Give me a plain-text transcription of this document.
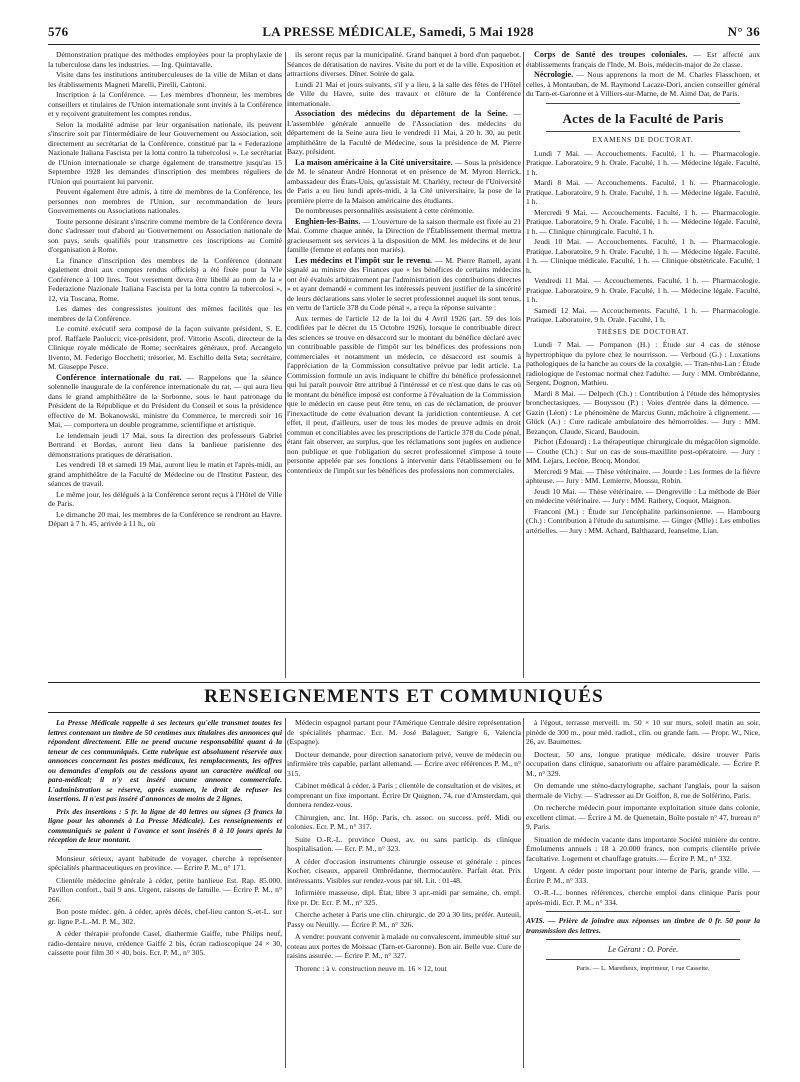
576	LA PRESSE MÉDICALE, Samedi, 5 Mai 1928	N° 36

Démonstration pratique des méthodes employées pour la prophylaxie de la tuberculose dans les industries. — Ing. Quintavalle.

Visite dans les institutions antituberculeuses de la ville de Milan et dans les établissements Magneti Marelli, Pirelli, Cantoni.

Inscription à la Conférence. — Les membres d'honneur, les membres conseillers et titulaires de l'Union internationale sont invités à la Conférence et y reçoivent gratuitement les comptes rendus.

Selon la modalité admise par leur organisation nationale, ils peuvent s'inscrire soit par l'intermédiaire de leur Gouvernement ou Association, soit directement au secrétariat de la Conférence, constitué par la « Federazione Nazionale Italiana Fascista per la lotta contro la tubercolosi ». Le secrétariat de l'Union internationale se charge également de transmettre jusqu'au 15 Septembre 1928 les demandes d'inscription des membres réguliers de l'Union qui pourraient lui parvenir.

Peuvent également être admis, à titre de membres de la Conférence, les personnes non membres de l'Union, sur recommandation de leurs Gouvernements ou Associations nationales.

Toute personne désirant s'inscrire comme membre de la Conférence devra donc s'adresser tout d'abord au Gouvernement ou Association nationale de son pays, seuls qualifiés pour transmettre ces inscriptions au Comité d'organisation à Rome.

La finance d'inscription des membres de la Conférence (donnant également droit aux comptes rendus officiels) a été fixée pour la VIe Conférence à 100 lires. Tout versement devra être libellé au nom de la « Federazione Nazionale Italiana Fascista per la lotta contro la tubercolosi », 12, via Toscana, Rome.

Les dames des congressistes jouiront des mêmes facilités que les membres de la Conférence.

Le comité exécutif sera composé de la façon suivante président, S. E. prof. Raffaele Paolucci; vice-président, prof. Vittorio Ascoli, directeur de la Clinique royale médicale de Rome; secrétaires généraux, prof. Arcangelo Ilvento, M. Federigo Bocchetti; trésorier, M. Eschillo della Seta; secrétaire, M. Giuseppe Pesce.

Conférence internationale du rat. — Rappelons que la séance solennelle inaugurale de la conférence internationale du rat, — qui aura lieu dans le grand amphithéâtre de la Sorbonne, sous le haut patronage du Président de la République et du Président du Conseil et sous la présidence effective de M. Bokanowski, ministre du Commerce, le mercredi soir 16 Mai, — comportera un double programme, scientifique et artistique.

Le lendemain jeudi 17 Mai, sous la direction des professeurs Gabriel Bertrand et Bordas, auront lieu dans la banlieue parisienne des démonstrations pratiques de dératisation.

Les vendredi 18 et samedi 19 Mai, auront lieu le matin et l'après-midi, au grand amphithéâtre de la Faculté de Médecine ou de l'Institut Pasteur, des séances de travail.

Le même jour, les délégués à la Conférence seront reçus à l'Hôtel de Ville de Paris.

Le dimanche 20 mai, les membres de la Conférence se rendront au Havre. Départ à 7 h. 45, arrivée à 11 h., où

ils seront reçus par la municipalité. Grand banquet à bord d'un paquebot. Séances de dératisation de navires. Visite du port et de la ville. Exposition et attractions diverses. Dîner. Soirée de gala.

Lundi 21 Mai et jours suivants, s'il y a lieu, à la salle des fêtes de l'Hôtel de Ville du Havre, suite des travaux et clôture de la Conférence internationale.

Association des médecins du département de la Seine. — L'assemblée générale annuelle de l'Association des médecins du département de la Seine aura lieu le vendredi 11 Mai, à 20 h. 30, au petit amphithéâtre de la Faculté de Médecine, sous la présidence de M. Pierre Bazy, président.

La maison américaine à la Cité universitaire. — Sous la présidence de M. le sénateur André Honnorat et en présence de M. Myron Herrick, ambassadeur des États-Unis, qu'assistait M. Charléty, recteur de l'Université de Paris a eu lieu lundi après-midi, à la Cité universitaire, la pose de la première pierre de la Maison américaine des étudiants.

De nombreuses personnalités assistaient à cette cérémonie.

Enghien-les-Bains. — L'ouverture de la saison thermale est fixée au 21 Mai. Comme chaque année, la Direction de l'Établissement thermal mettra gracieusement ses services à la disposition de MM. les médecins et de leur famille (femme et enfants non mariés).

Les médecins et l'impôt sur le revenu. — M. Pierre Ramell, ayant signalé au ministre des Finances que « les bénéfices de certains médecins ont été évalués arbitrairement par l'administration des contributions directes » et ayant demandé « comment les intéressés peuvent justifier de la sincérité de leurs déclarations sans violer le secret professionnel auquel ils sont tenus, en vertu de l'article 378 du Code pénal », a reçu la réponse suivante :

Aux termes de l'article 12 de la loi du 4 Avril 1926 (art. 59 des lois codifiées par le décret du 15 Octobre 1926), lorsque le contribuable direct des sciences se trouve en désaccord sur le montant du bénéfice déclaré avec un contribuable passible de l'impôt sur les bénéfices des professions non commerciales et notamment un médecin, ce désaccord est soumis à l'appréciation de la Commission consultative prévue par ledit article. La Commission formule un avis indiquant le chiffre du bénéfice professionnel qui lui paraît pouvoir être attribué à l'intéressé et ce n'est que dans le cas où le montant du bénéfice imposé est conforme à l'évaluation de la Commission que le médecin en cause peut être tenu, en cas de réclamation, de prouver l'inexactitude de cette évaluation devant la juridiction contentieuse. A cet effet, il peut, d'ailleurs, user de tous les modes de preuve admis en droit commun et conciliables avec les prescriptions de l'article 378 du Code pénal, étant fait observer, au surplus, que les réclamations sont jugées en audience non publique et que l'obligation du secret professionnel s'impose à toute personne appelée par ses fonctions à intervenir dans l'établissement ou le contentieux de l'impôt sur les bénéfices des professions non commerciales.

Corps de Santé des troupes coloniales. — Est affecté aux établissements français de l'Inde, M. Bois, médecin-major de 2e classe.

Nécrologie. — Nous apprenons la mort de M. Charles Flasschoen, et celles, à Montauban, de M. Raymond Lacaze-Dori, ancien conseiller général du Tarn-et-Garonne et à Villiers-sur-Marne, de M. Aimé Dat, de Paris.

Actes de la Faculté de Paris
EXAMENS DE DOCTORAT.

Lundi 7 Mai. — Accouchements. Faculté, 1 h. — Pharmacologie. Pratique. Laboratoire, 9 h. Orale. Faculté, 1 h. — Médecine légale. Faculté, 1 h.

Mardi 8 Mai. — Accouchements. Faculté, 1 h. — Pharmacologie. Pratique. Laboratoire, 9 h. Orale. Faculté, 1 h. — Médecine légale. Faculté, 1 h.

Mercredi 9 Mai. — Accouchements. Faculté, 1 h. — Pharmacologie. Pratique. Laboratoire, 9 h. Orale. Faculté, 1 h. — Médecine légale. Faculté, 1 h. — Clinique chirurgicale. Faculté, 1 h.

Jeudi 10 Mai. — Accouchements. Faculté, 1 h. — Pharmacologie. Pratique. Laboratoire, 9 h. Orale. Faculté, 1 h. — Médecine légale. Faculté, 1 h. — Clinique médicale. Faculté, 1 h. — Clinique obstétricale. Faculté, 1 h.

Vendredi 11 Mai. — Accouchements. Faculté, 1 h. — Pharmacologie. Pratique. Laboratoire, 9 h. Orale. Faculté, 1 h. — Médecine légale. Faculté, 1 h.

Samedi 12 Mai. — Accouchements. Faculté, 1 h. — Pharmacologie. Pratique. Laboratoire, 9 h. Orale. Faculté, 1 h.

THÈSES DE DOCTORAT.

Lundi 7 Mai. — Pompanon (H.) : Étude sur 4 cas de sténose hypertrophique du pylore chez le nourrisson. — Verboud (G.) : Luxations pathologiques de la hanche au cours de la coxalgie. — Tran-nhu-Lan : Étude radiologique de l'estomac normal chez l'adulte. — Jury : MM. Ombrédanne, Sergent, Dognon, Mathieu.

Mardi 8 Mai. — Delpech (Ch.) : Contribution à l'étude des hémoptysies bronchectasiques. — Bouyssou (P.) : Voies d'entrée dans la démence. — Gazin (Léon) : Le phénomène de Marcus Gunn, mâchoire à clignement. — Glück (A.) : Cure radicale ambulatoire des hémorroïdes. — Jury : MM. Bezançon, Claude, Sicard, Baudouin.

Pichot (Édouard) : La thérapeutique chirurgicale du mégacôlon sigmoïde. — Couthe (Ch.) : Sur un cas de sous-maxillite post-opératoire. — Jury : MM. Lejars, Lecène, Brocq, Mondor.

Mercredi 9 Mai. — Thèse vétérinaire. — Jourde : Les formes de la fièvre aphteuse. — Jury : MM. Lemierre, Moussu, Robin.

Jeudi 10 Mai. — Thèse vétérinaire. — Dengreville : La méthode de Bier en médecine vétérinaire. — Jury : MM. Rathery, Coquot, Maignon.

Franconi (M.) : Étude sur l'encéphalite parkinsonienne. — Hambourg (Ch.) : Contribution à l'étude du saturnisme. — Ginger (Mlle) : Les embolies artérielles. — Jury : MM. Achard, Balthazard, Jeanselme, Lian.

RENSEIGNEMENTS ET COMMUNIQUÉS

La Presse Médicale rappelle à ses lecteurs qu'elle transmet toutes les lettres contenant un timbre de 50 centimes aux titulaires des annonces qui répondent directement. Elle ne prend aucune responsabilité quant à la teneur de ces communiqués. Cette rubrique est absolument réservée aux annonces concernant les postes médicaux, les remplacements, les offres ou demandes d'emplois ou de cessions ayant un caractère médical ou para-médical; il n'y est inséré aucune annonce commerciale. L'administration se réserve, après examen, le droit de refuser les insertions. Il n'est pas inséré d'annonces de moins de 2 lignes.

Prix des insertions : 5 fr. la ligne de 40 lettres ou signes (3 francs la ligne pour les abonnés à La Presse Médicale). Les renseignements et communiqués se paient à l'avance et sont insérés 8 à 10 jours après la réception de leur montant.

Monsieur sérieux, ayant habitude de voyager, cherche à représenter spécialités pharmaceutiques en province. — Écrire P. M., n° 171.

Clientèle médecine générale à céder, petite banlieue Est. Rap. 85.000. Pavillon confort., bail 9 ans. Urgent, raisons de famille. — Écrire P. M., n° 266.

Bon poste médec. gén. à céder, après décès, chef-lieu canton S.-et-L. sur gr. ligne P.-L.-M. P. M., 302.

A céder thérapie profonde Casel, diathermie Gaiffe, tube Philips neuf, radio-dentaire neuve, crédence Gaiffe 2 bis, écran radioscopique 24 × 30, caissette pour film 30 × 40, bois. Ecr. P. M., n° 305.

Médecin espagnol partant pour l'Amérique Centrale désire représentation de spécialités pharmac. Ecr. M. José Balaguer, Sangre 6, Valencia (Espagne).

Docteur demande, pour direction sanatorium privé, veuve de médecin ou infirmière très capable, parlant allemand. — Écrire avec références P. M., n° 315.

Cabinet médical à céder, à Paris ; clientèle de consultation et de visites, et comprenant un fixe important. Écrire Dr Quignon, 74, rue d'Amsterdam, qui donnera rendez-vous.

Chirurgien, anc. Int. Hôp. Paris, ch. assoc. ou success. préf. Midi ou colonies. Ecr. P. M., n° 317.

Suite O.-R.-L. province Ouest, av. ou sans particip. ds clinique hospitalisation. — Ecr. P. M., n° 323.

A céder d'occasion instruments chirurgie osseuse et générale : pinces Kocher, ciseaux, appareil Ombrédanne, thermocautère. Parfait état. Prix intéressants. Visibles sur rendez-vous par tél. Lit. : 01-48.

Infirmière masseuse, dipl. État, libre 3 apr.-midi par semaine, ch. empl. fixe pr. Dr. Ecr. P. M., n° 325.

Cherche acheter à Paris une clin. chirurgic. de 20 à 30 lits, préfér. Auteuil, Passy ou Neuilly. — Écrire P. M., n° 326.

A vendre: pouvant convenir à malade ou convalescent, immeuble situé sur coteau aux portes de Moissac (Tarn-et-Garonne). Bon air. Belle vue. Cure de raisins assurée. — Écrire P. M., n° 327.

Thorenc : à v. construction neuve m. 16 × 12, tout

à l'égout, terrasse merveill. m. 50 × 10 sur murs, soleil matin au soir, pinède de 300 m., pour méd. radiol., clin. ou grande fam. — Propr. W., Nice, 26, av. Baumettes.

Docteur, 50 ans, longue pratique médicale, désire trouver Paris occupation dans clinique, sanatorium ou affaire paramédicale. — Écrire P. M., n° 329.

On demande une sténo-dactylographe, sachant l'anglais, pour la saison thermale de Vichy. — S'adresser au Dr Goiffon, 8, rue de Solférino, Paris.

On recherche médecin pour importante exploitation située dans colonie, excellent climat. — Écrire à M. de Quenetain, Boîte postale n° 47, bureau n° 9, Paris.

Situation de médecin vacante dans importante Société minière du centre. Émoluments annuels : 18 à 20.000 francs, non compris clientèle privée facultative. Logement et chauffage gratuits. — Écrire P. M., n° 332.

Urgent. A céder poste important pour interne de Paris, grande ville. — Écrire P. M., n° 333.

O.-R.-L., bonnes références, cherche emploi dans clinique Paris pour après-midi. Ecr. P. M., n° 334.

AVIS. — Prière de joindre aux réponses un timbre de 0 fr. 50 pour la transmission des lettres.

Le Gérant : O. Porée.
Paris. — L. Maretheux, imprimeur, 1 rue Cassette.
